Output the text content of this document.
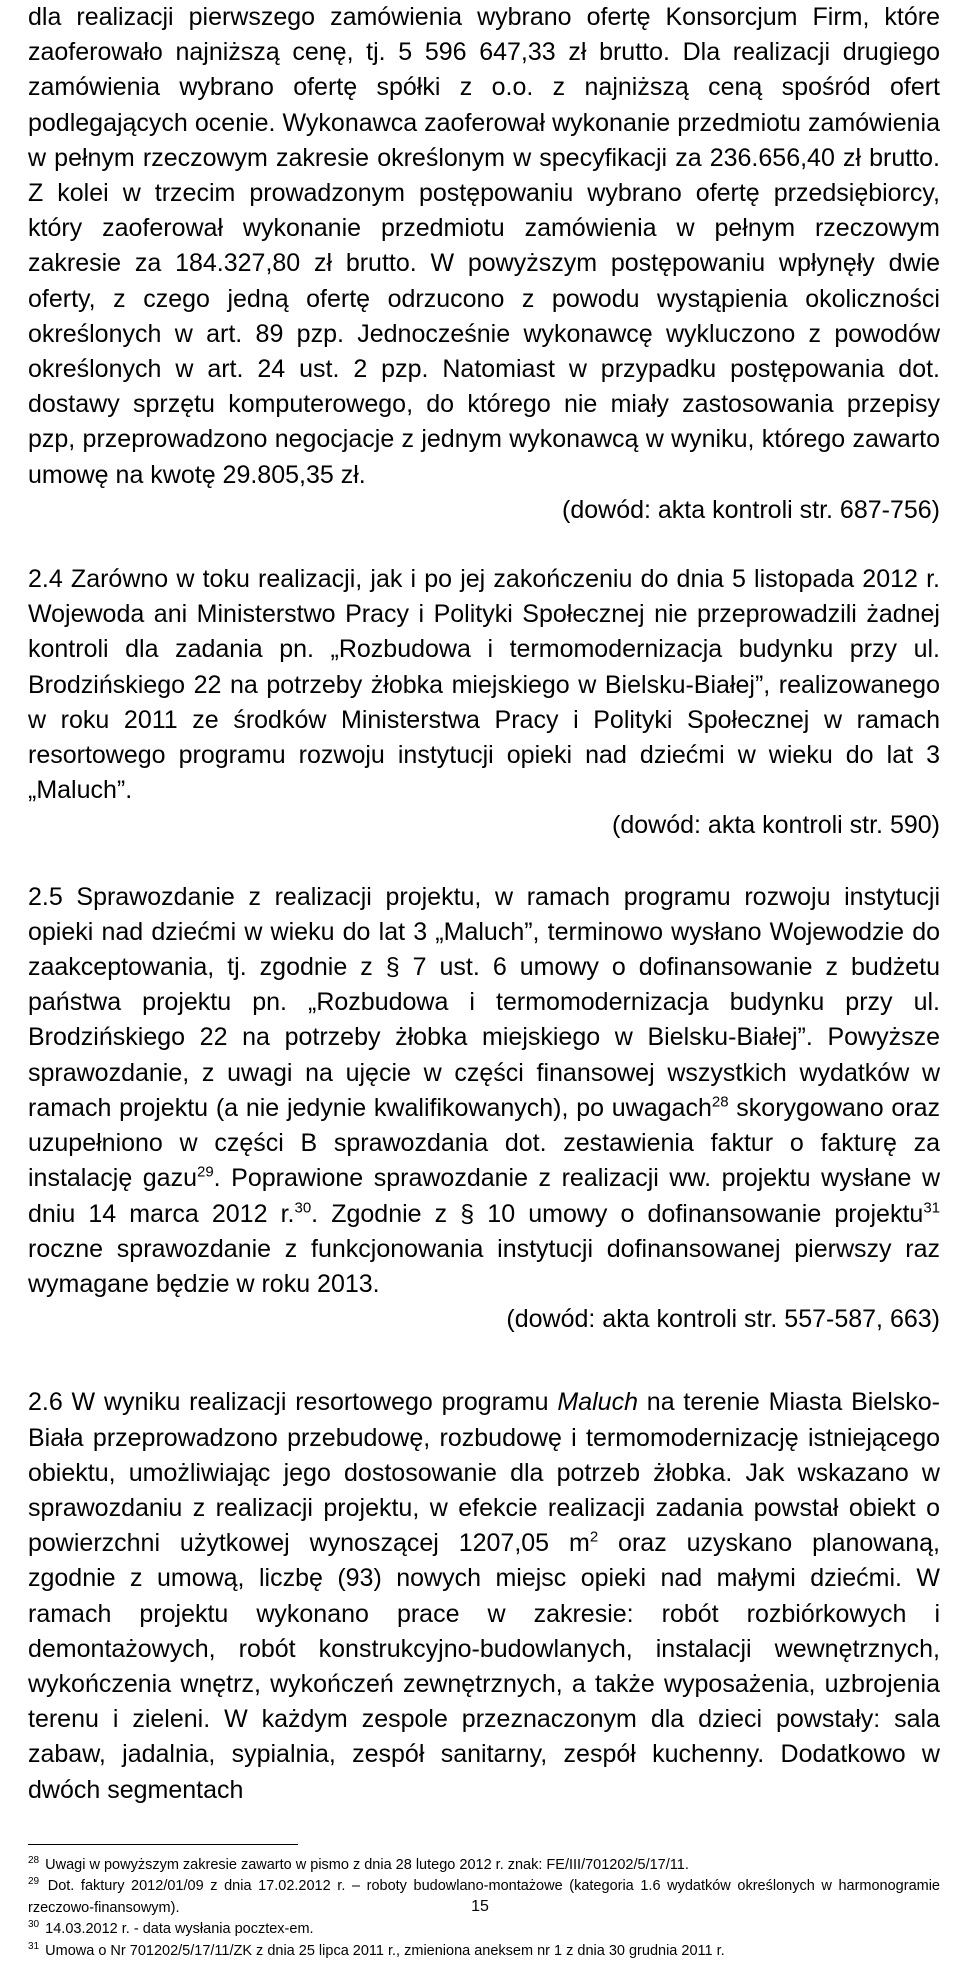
dla realizacji pierwszego zamówienia wybrano ofertę Konsorcjum Firm, które zaoferowało najniższą cenę, tj. 5 596 647,33 zł brutto. Dla realizacji drugiego zamówienia wybrano ofertę spółki z o.o. z najniższą ceną spośród ofert podlegających ocenie. Wykonawca zaoferował wykonanie przedmiotu zamówienia w pełnym rzeczowym zakresie określonym w specyfikacji za 236.656,40 zł brutto. Z kolei w trzecim prowadzonym postępowaniu wybrano ofertę przedsiębiorcy, który zaoferował wykonanie przedmiotu zamówienia w pełnym rzeczowym zakresie za 184.327,80 zł brutto. W powyższym postępowaniu wpłynęły dwie oferty, z czego jedną ofertę odrzucono z powodu wystąpienia okoliczności określonych w art. 89 pzp. Jednocześnie wykonawcę wykluczono z powodów określonych w art. 24 ust. 2 pzp. Natomiast w przypadku postępowania dot. dostawy sprzętu komputerowego, do którego nie miały zastosowania przepisy pzp, przeprowadzono negocjacje z jednym wykonawcą w wyniku, którego zawarto umowę na kwotę 29.805,35 zł.

(dowód: akta kontroli str. 687-756)

2.4 Zarówno w toku realizacji, jak i po jej zakończeniu do dnia 5 listopada 2012 r. Wojewoda ani Ministerstwo Pracy i Polityki Społecznej nie przeprowadzili żadnej kontroli dla zadania pn. „Rozbudowa i termomodernizacja budynku przy ul. Brodzińskiego 22 na potrzeby żłobka miejskiego w Bielsku-Białej”, realizowanego w roku 2011 ze środków Ministerstwa Pracy i Polityki Społecznej w ramach resortowego programu rozwoju instytucji opieki nad dziećmi w wieku do lat 3 „Maluch”.

(dowód: akta kontroli str. 590)

2.5 Sprawozdanie z realizacji projektu, w ramach programu rozwoju instytucji opieki nad dziećmi w wieku do lat 3 „Maluch”, terminowo wysłano Wojewodzie do zaakceptowania, tj. zgodnie z § 7 ust. 6 umowy o dofinansowanie z budżetu państwa projektu pn. „Rozbudowa i termomodernizacja budynku przy ul. Brodzińskiego 22 na potrzeby żłobka miejskiego w Bielsku-Białej”. Powyższe sprawozdanie, z uwagi na ujęcie w części finansowej wszystkich wydatków w ramach projektu (a nie jedynie kwalifikowanych), po uwagach$^{28}$ skorygowano oraz uzupełniono w części B sprawozdania dot. zestawienia faktur o fakturę za instalację gazu$^{29}$. Poprawione sprawozdanie z realizacji ww. projektu wysłane w dniu 14 marca 2012 r.$^{30}$. Zgodnie z § 10 umowy o dofinansowanie projektu$^{31}$ roczne sprawozdanie z funkcjonowania instytucji dofinansowanej pierwszy raz wymagane będzie w roku 2013.

(dowód: akta kontroli str. 557-587, 663)

2.6 W wyniku realizacji resortowego programu Maluch na terenie Miasta Bielsko-Biała przeprowadzono przebudowę, rozbudowę i termomodernizację istniejącego obiektu, umożliwiając jego dostosowanie dla potrzeb żłobka. Jak wskazano w sprawozdaniu z realizacji projektu, w efekcie realizacji zadania powstał obiekt o powierzchni użytkowej wynoszącej 1207,05 $m^2$ oraz uzyskano planowaną, zgodnie z umową, liczbę (93) nowych miejsc opieki nad małymi dziećmi. W ramach projektu wykonano prace w zakresie: robót rozbiórkowych i demontażowych, robót konstrukcyjno-budowlanych, instalacji wewnętrznych, wykończenia wnętrz, wykończeń zewnętrznych, a także wyposażenia, uzbrojenia terenu i zieleni. W każdym zespole przeznaczonym dla dzieci powstały: sala zabaw, jadalnia, sypialnia, zespół sanitarny, zespół kuchenny. Dodatkowo w dwóch segmentach

$^{28}$ Uwagi w powyższym zakresie zawarto w pismo z dnia 28 lutego 2012 r. znak: FE/III/701202/5/17/11.

$^{29}$ Dot. faktury 2012/01/09 z dnia 17.02.2012 r. – roboty budowlano-montażowe (kategoria 1.6 wydatków określonych w harmonogramie rzeczowo-finansowym).

$^{30}$ 14.03.2012 r. - data wysłania pocztex-em.

$^{31}$ Umowa o Nr 701202/5/17/11/ZK z dnia 25 lipca 2011 r., zmieniona aneksem nr 1 z dnia 30 grudnia 2011 r.

15
